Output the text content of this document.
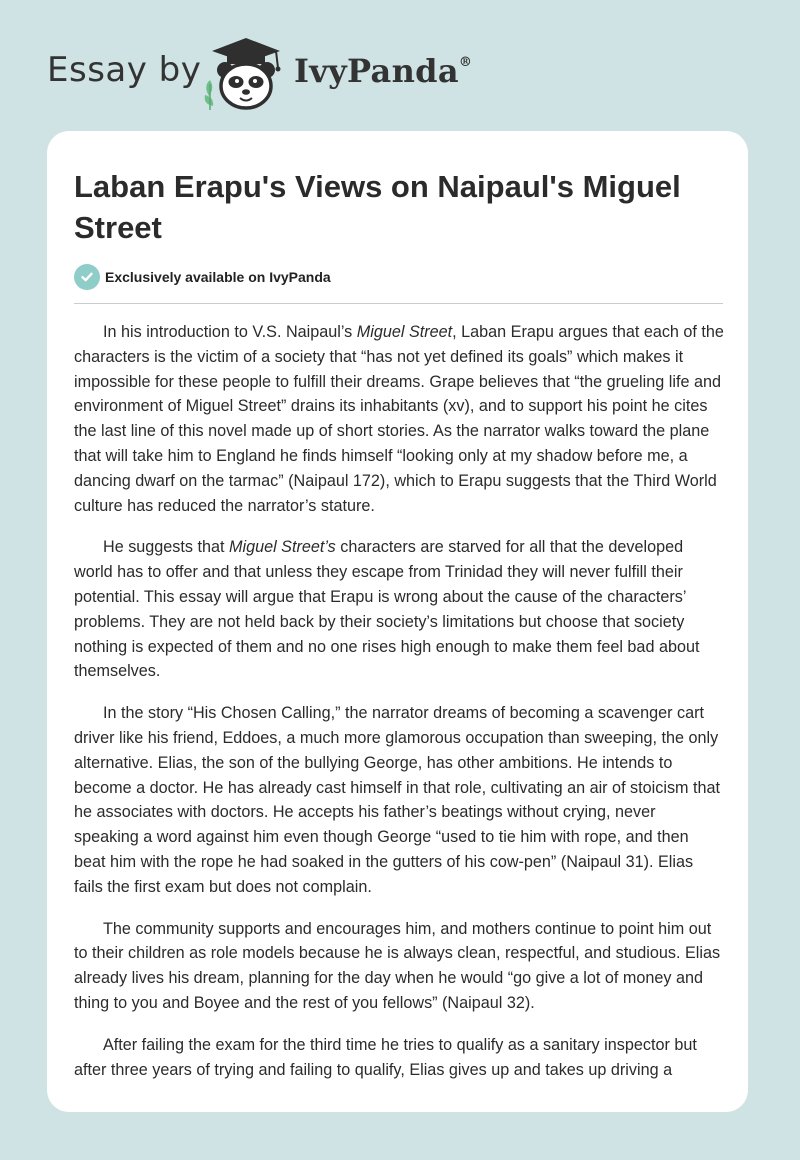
Essay by	IvyPanda®
Laban Erapu's Views on Naipaul's Miguel Street
Exclusively available on IvyPanda

In his introduction to V.S. Naipaul’s Miguel Street, Laban Erapu argues that each of the characters is the victim of a society that “has not yet defined its goals” which makes it impossible for these people to fulfill their dreams. Grape believes that “the grueling life and environment of Miguel Street” drains its inhabitants (xv), and to support his point he cites the last line of this novel made up of short stories. As the narrator walks toward the plane that will take him to England he finds himself “looking only at my shadow before me, a dancing dwarf on the tarmac” (Naipaul 172), which to Erapu suggests that the Third World culture has reduced the narrator’s stature.

He suggests that Miguel Street’s characters are starved for all that the developed world has to offer and that unless they escape from Trinidad they will never fulfill their potential. This essay will argue that Erapu is wrong about the cause of the characters’ problems. They are not held back by their society’s limitations but choose that society nothing is expected of them and no one rises high enough to make them feel bad about themselves.

In the story “His Chosen Calling,” the narrator dreams of becoming a scavenger cart driver like his friend, Eddoes, a much more glamorous occupation than sweeping, the only alternative. Elias, the son of the bullying George, has other ambitions. He intends to become a doctor. He has already cast himself in that role, cultivating an air of stoicism that he associates with doctors. He accepts his father’s beatings without crying, never speaking a word against him even though George “used to tie him with rope, and then beat him with the rope he had soaked in the gutters of his cow-pen” (Naipaul 31). Elias fails the first exam but does not complain.

The community supports and encourages him, and mothers continue to point him out to their children as role models because he is always clean, respectful, and studious. Elias already lives his dream, planning for the day when he would “go give a lot of money and thing to you and Boyee and the rest of you fellows” (Naipaul 32).

After failing the exam for the third time he tries to qualify as a sanitary inspector but after three years of trying and failing to qualify, Elias gives up and takes up driving a
